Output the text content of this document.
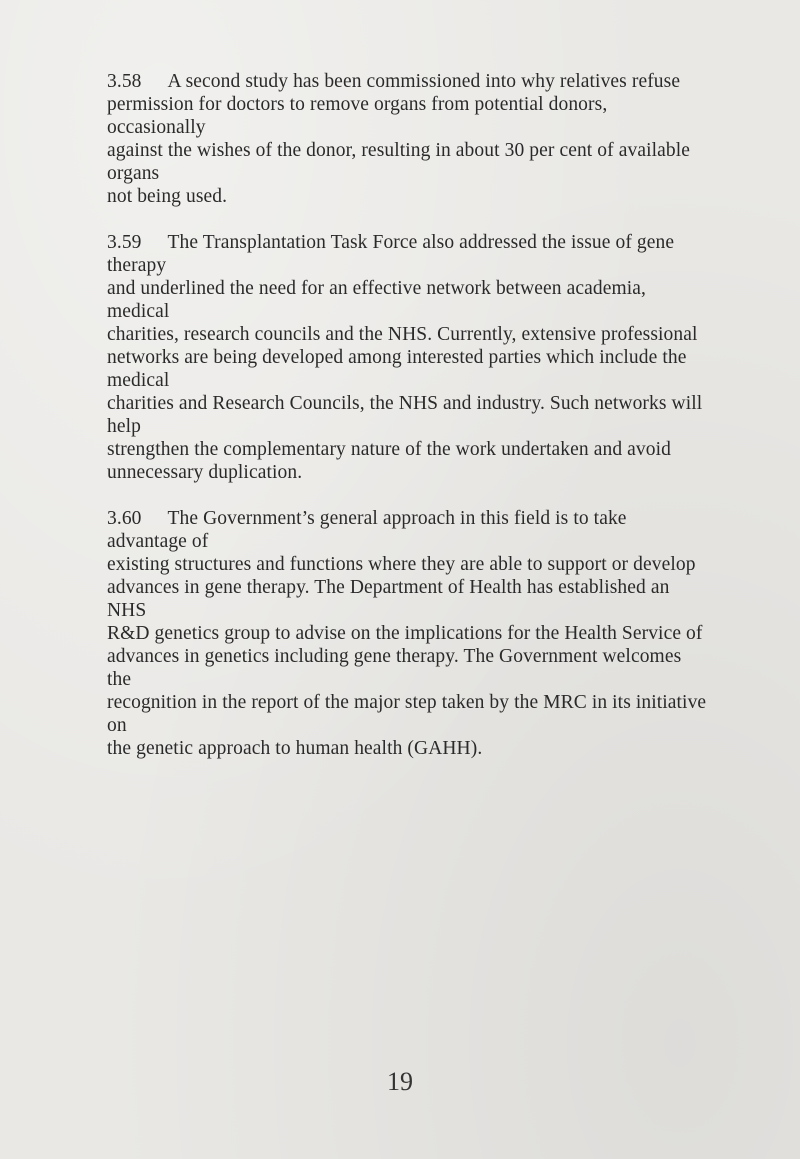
3.58 A second study has been commissioned into why relatives refuse
permission for doctors to remove organs from potential donors, occasionally
against the wishes of the donor, resulting in about 30 per cent of available organs
not being used.

3.59 The Transplantation Task Force also addressed the issue of gene therapy
and underlined the need for an effective network between academia, medical
charities, research councils and the NHS. Currently, extensive professional
networks are being developed among interested parties which include the medical
charities and Research Councils, the NHS and industry. Such networks will help
strengthen the complementary nature of the work undertaken and avoid
unnecessary duplication.

3.60 The Government’s general approach in this field is to take advantage of
existing structures and functions where they are able to support or develop
advances in gene therapy. The Department of Health has established an NHS
R&D genetics group to advise on the implications for the Health Service of
advances in genetics including gene therapy. The Government welcomes the
recognition in the report of the major step taken by the MRC in its initiative on
the genetic approach to human health (GAHH).

19
